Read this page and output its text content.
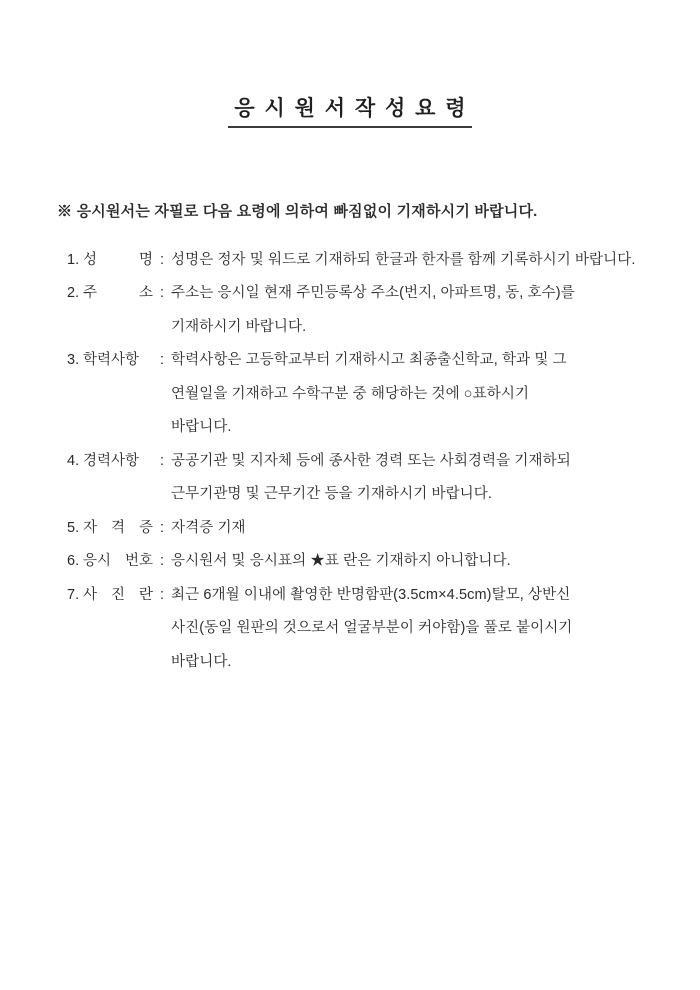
응 시 원 서 작 성 요 령

※ 응시원서는 자필로 다음 요령에 의하여 빠짐없이 기재하시기 바랍니다.

1. 성 명 : 성명은 정자 및 워드로 기재하되 한글과 한자를 함께 기록하시기 바랍니다.
2. 주 소 : 주소는 응시일 현재 주민등록상 주소(번지, 아파트명, 동, 호수)를
기재하시기 바랍니다.
3. 학력사항	: 학력사항은 고등학교부터 기재하시고 최종출신학교, 학과 및 그
연월일을 기재하고 수학구분 중 해당하는 것에 ○표하시기
바랍니다.
4. 경력사항	: 공공기관 및 지자체 등에 종사한 경력 또는 사회경력을 기재하되
근무기관명 및 근무기간 등을 기재하시기 바랍니다.
5. 자 격 증 : 자격증 기재
6. 응시 번호 : 응시원서 및 응시표의 ★표 란은 기재하지 아니합니다.
7. 사 진 란 : 최근 6개월 이내에 촬영한 반명함판(3.5cm×4.5cm)탈모, 상반신
사진(동일 원판의 것으로서 얼굴부분이 커야함)을 풀로 붙이시기
바랍니다.
